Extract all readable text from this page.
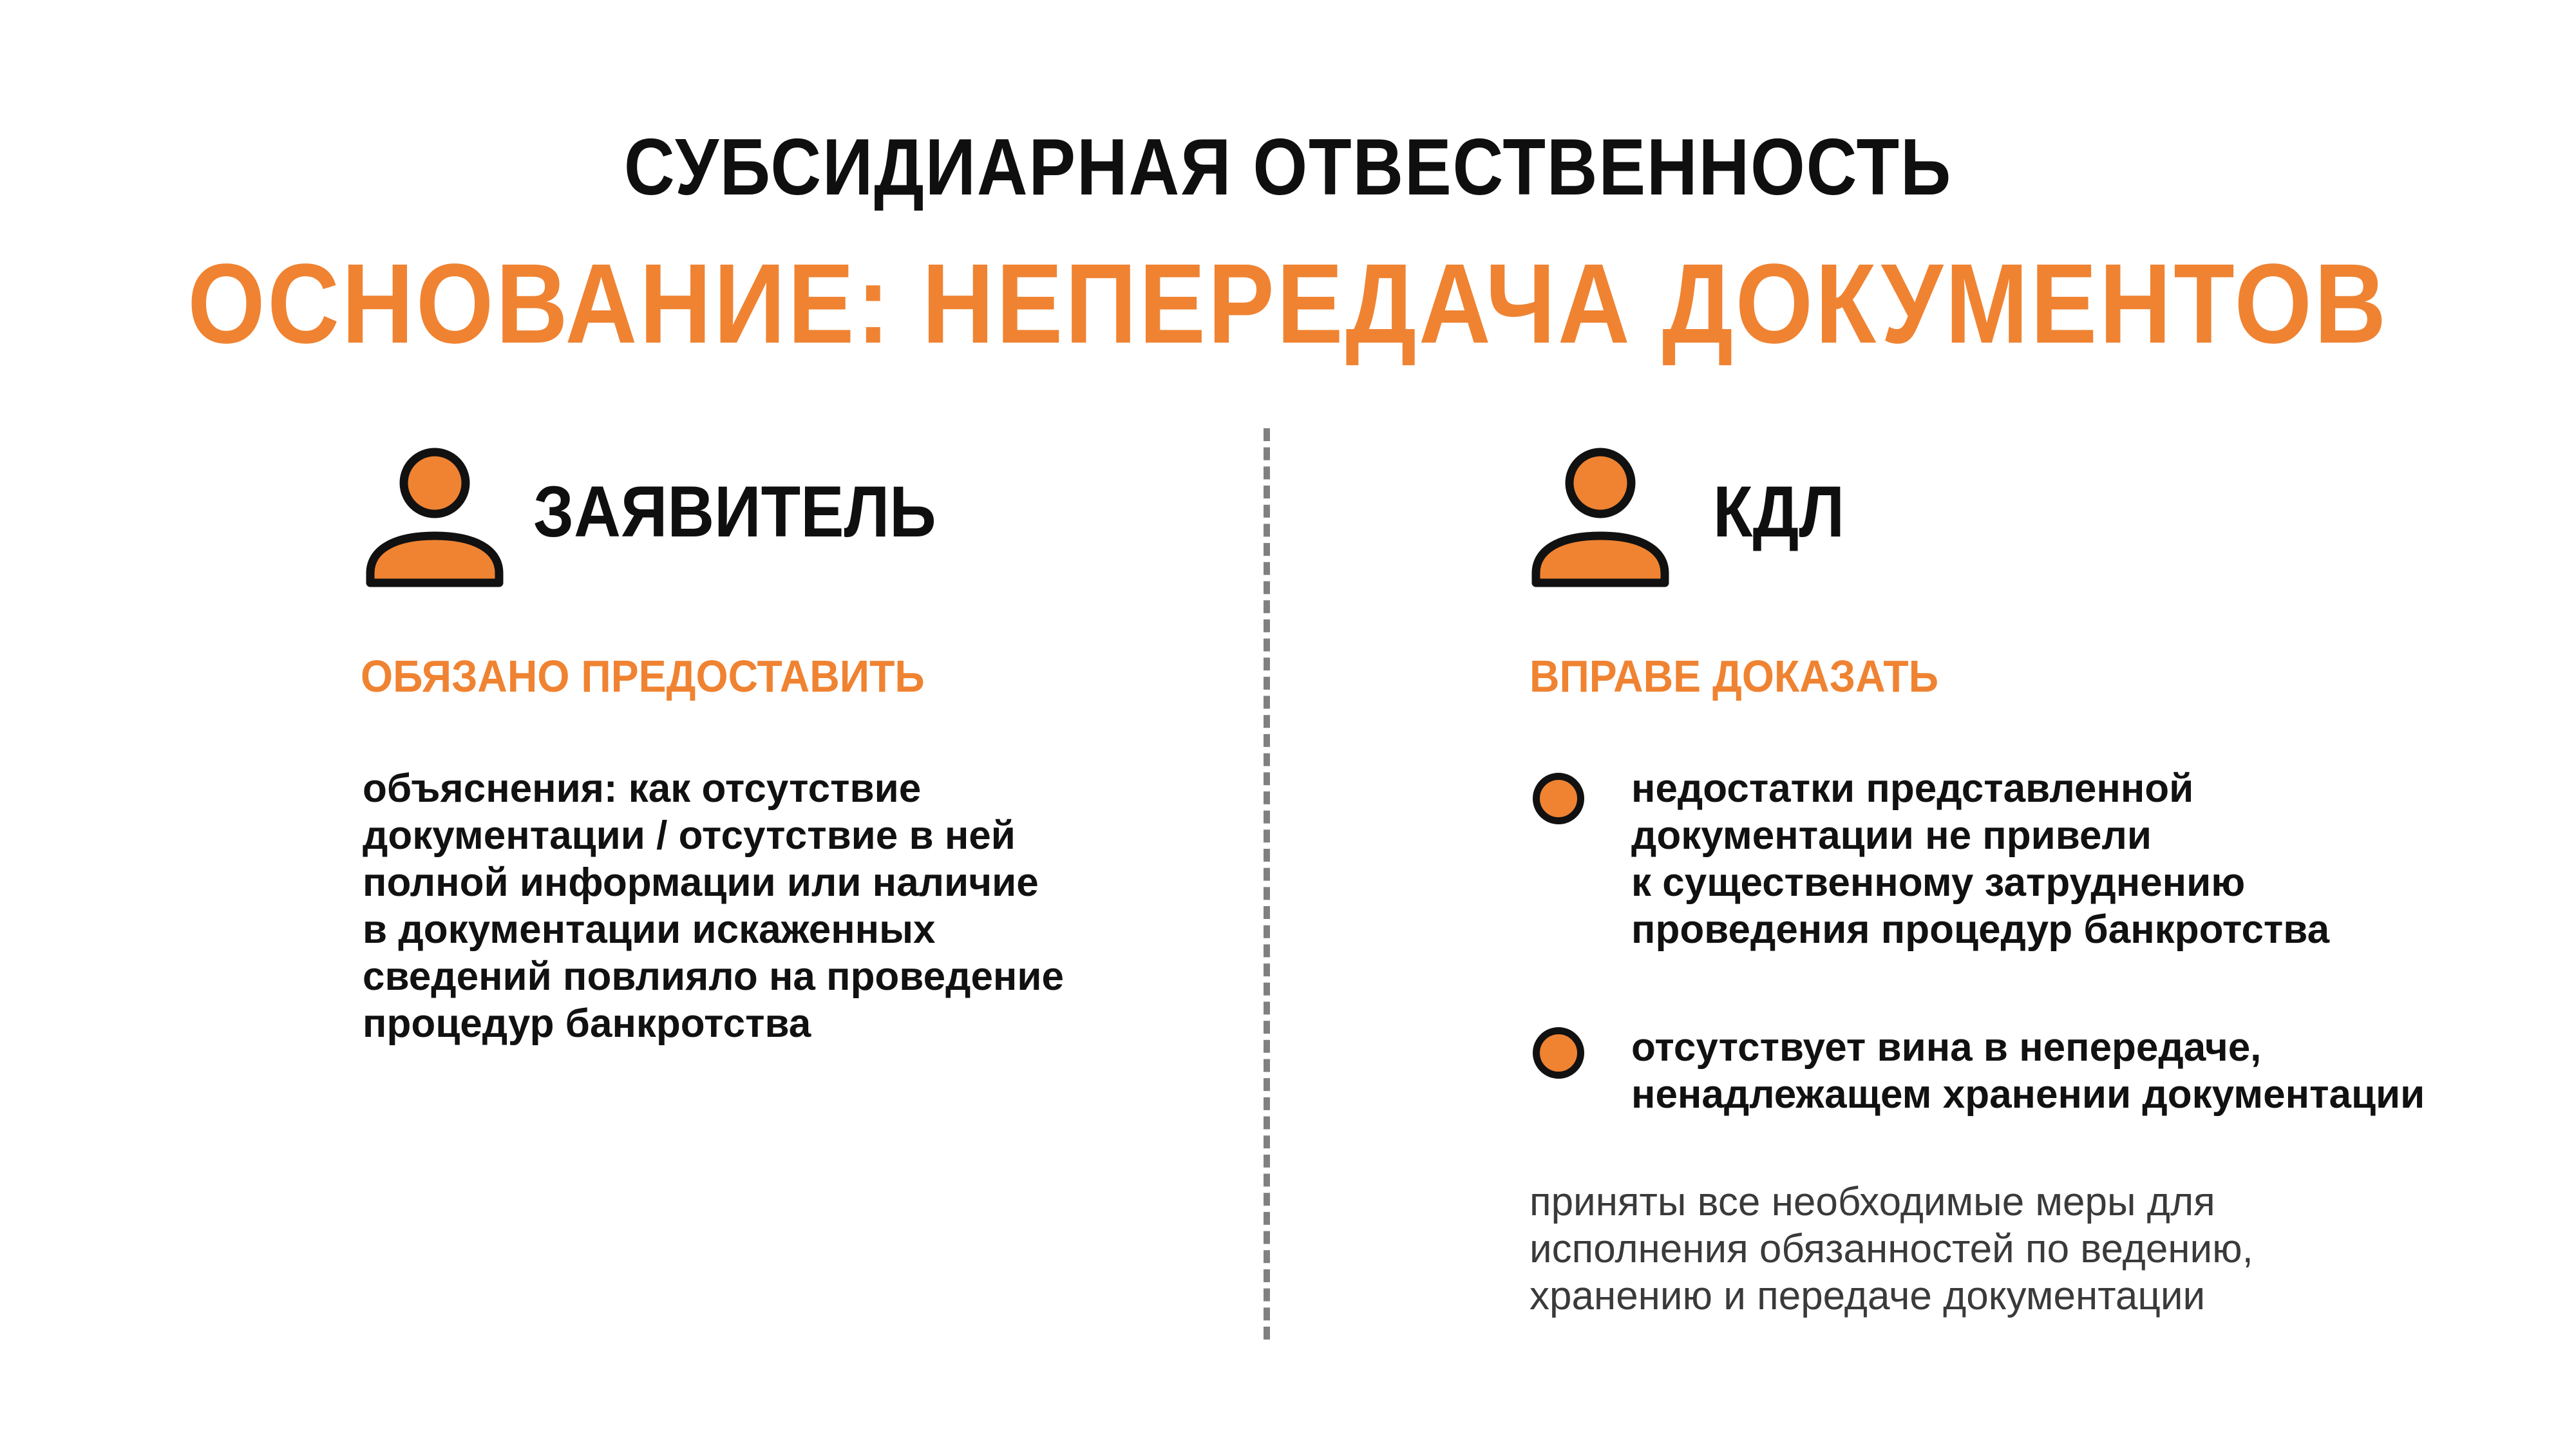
СУБСИДИАРНАЯ ОТВЕСТВЕННОСТЬ
ОСНОВАНИЕ: НЕПЕРЕДАЧА ДОКУМЕНТОВ
ЗАЯВИТЕЛЬ
ОБЯЗАНО ПРЕДОСТАВИТЬ
объяснения: как отсутствие
документации / отсутствие в ней
полной информации или наличие
в документации искаженных
сведений повлияло на проведение
процедур банкротства
КДЛ
ВПРАВЕ ДОКАЗАТЬ
недостатки представленной
документации не привели
к существенному затруднению
проведения процедур банкротства
отсутствует вина в непередаче,
ненадлежащем хранении документации
приняты все необходимые меры для
исполнения обязанностей по ведению,
хранению и передаче документации
